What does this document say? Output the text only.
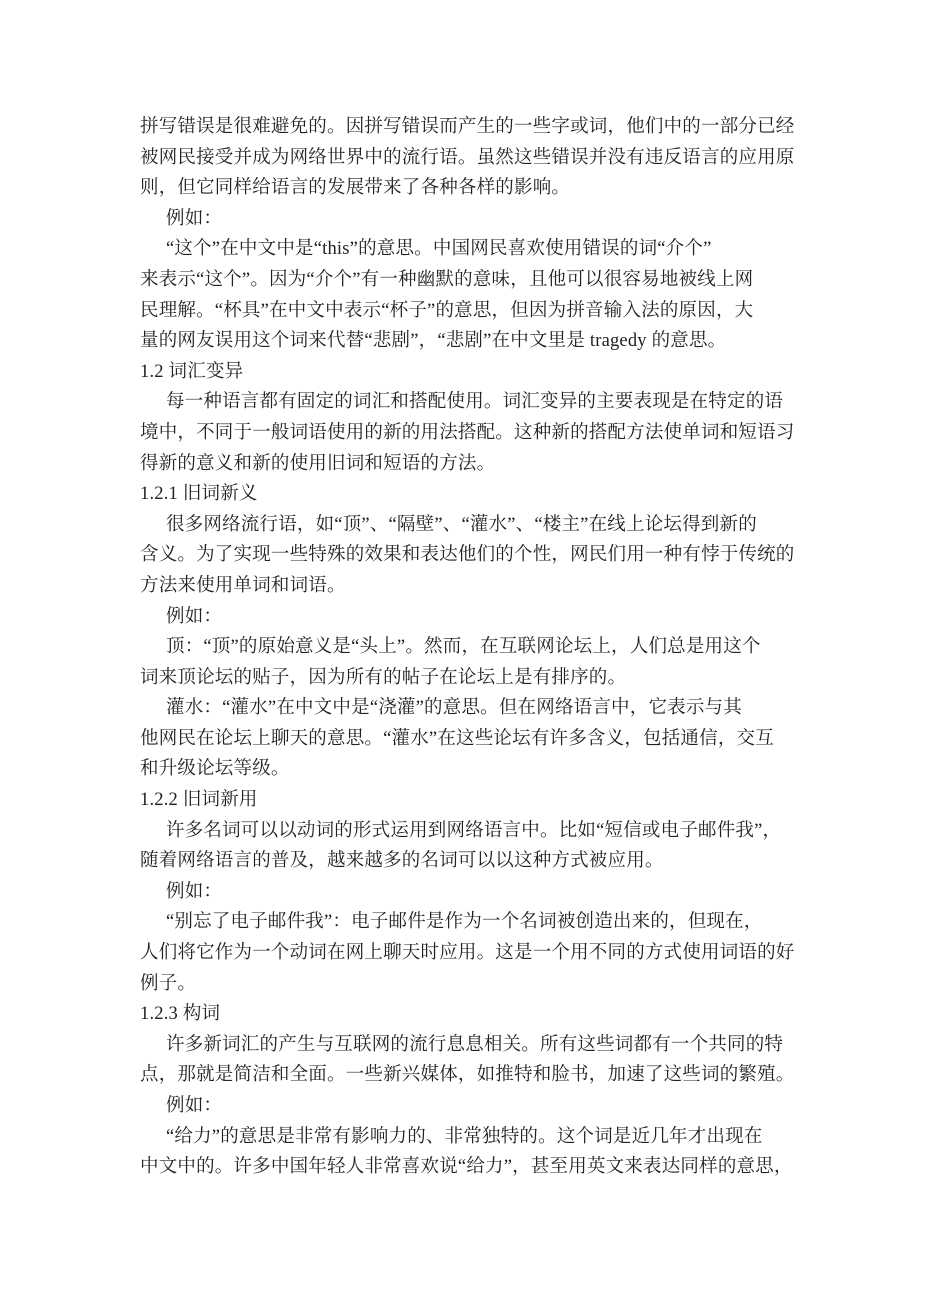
拼写错误是很难避免的。因拼写错误而产生的一些字或词，他们中的一部分已经
被网民接受并成为网络世界中的流行语。虽然这些错误并没有违反语言的应用原
则，但它同样给语言的发展带来了各种各样的影响。
例如：
“这个”在中文中是“this”的意思。中国网民喜欢使用错误的词“介个”
来表示“这个”。因为“介个”有一种幽默的意味，且他可以很容易地被线上网
民理解。“杯具”在中文中表示“杯子”的意思，但因为拼音输入法的原因，大
量的网友误用这个词来代替“悲剧”，“悲剧”在中文里是 tragedy 的意思。
1.2 词汇变异
每一种语言都有固定的词汇和搭配使用。词汇变异的主要表现是在特定的语
境中，不同于一般词语使用的新的用法搭配。这种新的搭配方法使单词和短语习
得新的意义和新的使用旧词和短语的方法。
1.2.1 旧词新义
很多网络流行语，如“顶”、“隔壁”、“灌水”、“楼主”在线上论坛得到新的
含义。为了实现一些特殊的效果和表达他们的个性，网民们用一种有悖于传统的
方法来使用单词和词语。
例如：
顶：“顶”的原始意义是“头上”。然而，在互联网论坛上，人们总是用这个
词来顶论坛的贴子，因为所有的帖子在论坛上是有排序的。
灌水：“灌水”在中文中是“浇灌”的意思。但在网络语言中，它表示与其
他网民在论坛上聊天的意思。“灌水”在这些论坛有许多含义，包括通信，交互
和升级论坛等级。
1.2.2 旧词新用
许多名词可以以动词的形式运用到网络语言中。比如“短信或电子邮件我”，
随着网络语言的普及，越来越多的名词可以以这种方式被应用。
例如：
“别忘了电子邮件我”：电子邮件是作为一个名词被创造出来的，但现在，
人们将它作为一个动词在网上聊天时应用。这是一个用不同的方式使用词语的好
例子。
1.2.3 构词
许多新词汇的产生与互联网的流行息息相关。所有这些词都有一个共同的特
点，那就是简洁和全面。一些新兴媒体，如推特和脸书，加速了这些词的繁殖。
例如：
“给力”的意思是非常有影响力的、非常独特的。这个词是近几年才出现在
中文中的。许多中国年轻人非常喜欢说“给力”，甚至用英文来表达同样的意思，
